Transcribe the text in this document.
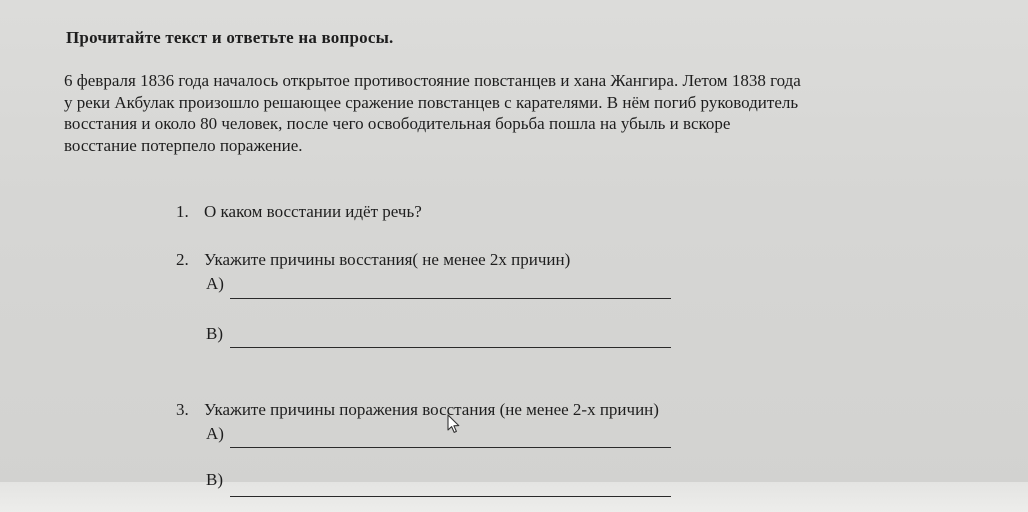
Прочитайте текст и ответьте на вопросы.
6 февраля 1836 года началось открытое противостояние повстанцев и хана Жангира. Летом 1838 года
у реки Акбулак произошло решающее сражение повстанцев с карателями. В нём погиб руководитель
восстания и около 80 человек, после чего освободительная борьба пошла на убыль и вскоре
восстание потерпело поражение.
1. О каком восстании идёт речь?
2. Укажите причины восстания( не менее 2х причин)
А)
В)
3. Укажите причины поражения восстания (не менее 2-х причин)
А)
В)
